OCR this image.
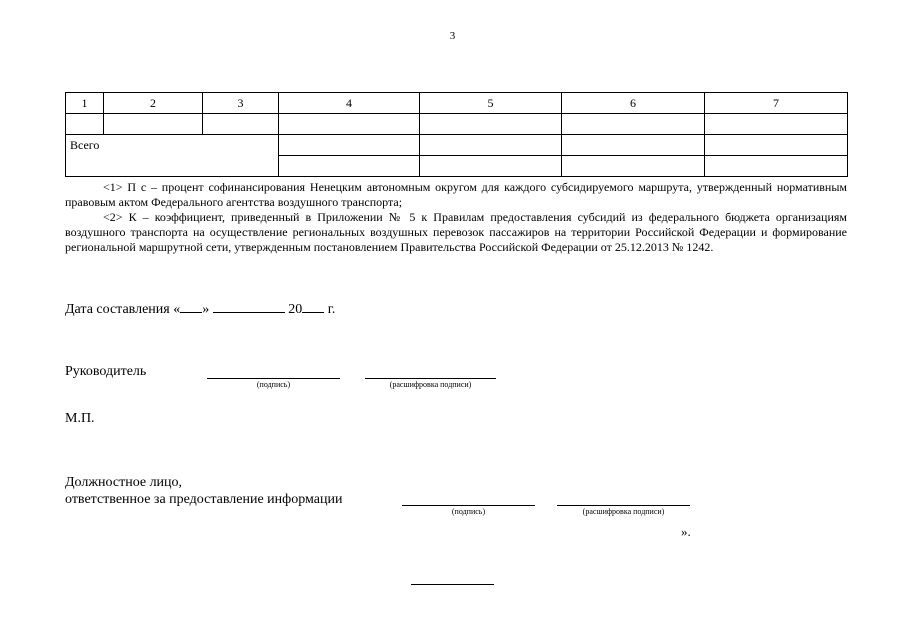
3
1	2	3	4	5	6	7

Всего						

<1> П c – процент софинансирования Ненецким автономным округом для каждого субсидируемого маршрута, утвержденный нормативным правовым актом Федерального агентства воздушного транспорта;

<2> К – коэффициент, приведенный в Приложении № 5 к Правилам предоставления субсидий из федерального бюджета организациям воздушного транспорта на осуществление региональных воздушных перевозок пассажиров на территории Российской Федерации и формирование региональной маршрутной сети, утвержденным постановлением Правительства Российской Федерации от 25.12.2013 № 1242.

Дата составления « »	20 г.
Руководитель
(подпись)	(расшифровка подписи)
М.П.
Должностное лицо,
ответственное за предоставление информации
(подпись)	(расшифровка подписи)
».
